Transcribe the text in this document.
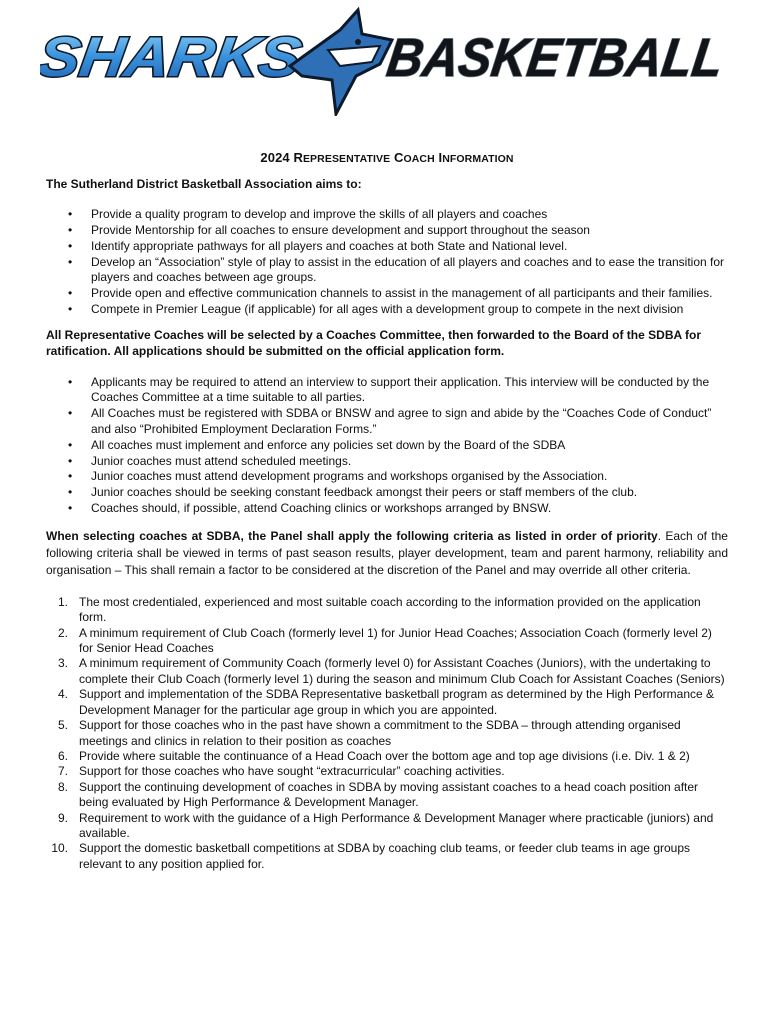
SHARKS	BASKETBALL
2024 REPRESENTATIVE COACH INFORMATION
The Sutherland District Basketball Association aims to:
• Provide a quality program to develop and improve the skills of all players and coaches
• Provide Mentorship for all coaches to ensure development and support throughout the season
• Identify appropriate pathways for all players and coaches at both State and National level.
• Develop an “Association” style of play to assist in the education of all players and coaches and to ease the transition for players and coaches between age groups.
• Provide open and effective communication channels to assist in the management of all participants and their families.
• Compete in Premier League (if applicable) for all ages with a development group to compete in the next division
All Representative Coaches will be selected by a Coaches Committee, then forwarded to the Board of the SDBA for ratification. All applications should be submitted on the official application form.
• Applicants may be required to attend an interview to support their application. This interview will be conducted by the Coaches Committee at a time suitable to all parties.
• All Coaches must be registered with SDBA or BNSW and agree to sign and abide by the “Coaches Code of Conduct” and also “Prohibited Employment Declaration Forms.”
• All coaches must implement and enforce any policies set down by the Board of the SDBA
• Junior coaches must attend scheduled meetings.
• Junior coaches must attend development programs and workshops organised by the Association.
• Junior coaches should be seeking constant feedback amongst their peers or staff members of the club.
• Coaches should, if possible, attend Coaching clinics or workshops arranged by BNSW.
When selecting coaches at SDBA, the Panel shall apply the following criteria as listed in order of priority. Each of the following criteria shall be viewed in terms of past season results, player development, team and parent harmony, reliability and organisation – This shall remain a factor to be considered at the discretion of the Panel and may override all other criteria.
1. The most credentialed, experienced and most suitable coach according to the information provided on the application form.
2. A minimum requirement of Club Coach (formerly level 1) for Junior Head Coaches; Association Coach (formerly level 2) for Senior Head Coaches
3. A minimum requirement of Community Coach (formerly level 0) for Assistant Coaches (Juniors), with the undertaking to complete their Club Coach (formerly level 1) during the season and minimum Club Coach for Assistant Coaches (Seniors)
4. Support and implementation of the SDBA Representative basketball program as determined by the High Performance & Development Manager for the particular age group in which you are appointed.
5. Support for those coaches who in the past have shown a commitment to the SDBA – through attending organised meetings and clinics in relation to their position as coaches
6. Provide where suitable the continuance of a Head Coach over the bottom age and top age divisions (i.e. Div. 1 & 2)
7. Support for those coaches who have sought “extracurricular” coaching activities.
8. Support the continuing development of coaches in SDBA by moving assistant coaches to a head coach position after being evaluated by High Performance & Development Manager.
9. Requirement to work with the guidance of a High Performance & Development Manager where practicable (juniors) and available.
10. Support the domestic basketball competitions at SDBA by coaching club teams, or feeder club teams in age groups relevant to any position applied for.
